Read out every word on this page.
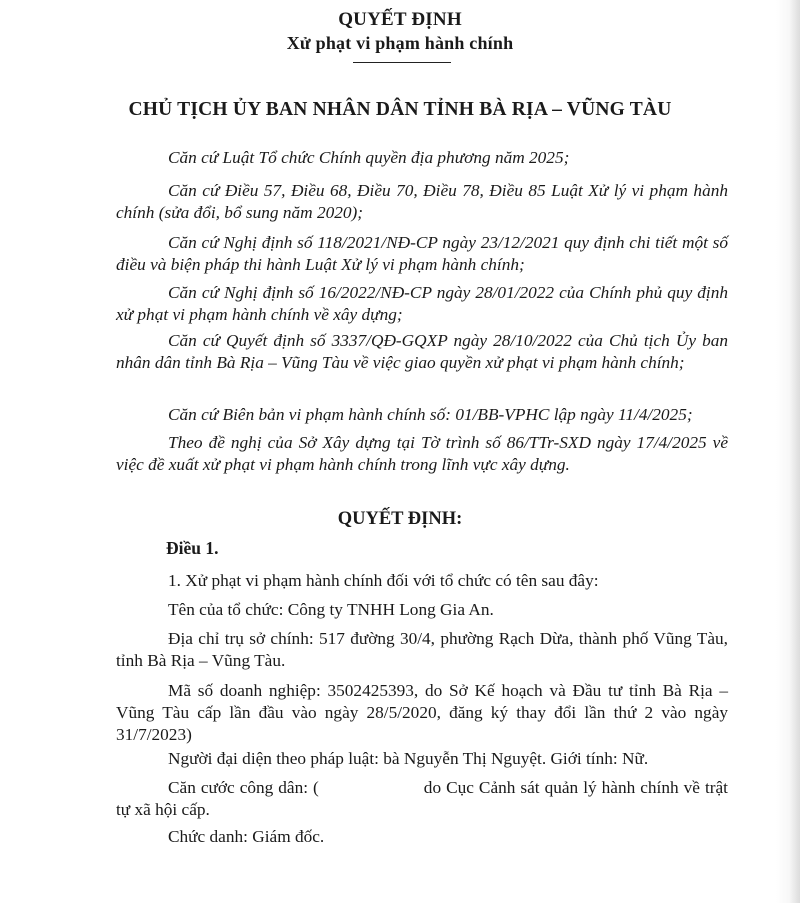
QUYẾT ĐỊNH
Xử phạt vi phạm hành chính
CHỦ TỊCH ỦY BAN NHÂN DÂN TỈNH BÀ RỊA – VŨNG TÀU
Căn cứ Luật Tổ chức Chính quyền địa phương năm 2025;
Căn cứ Điều 57, Điều 68, Điều 70, Điều 78, Điều 85 Luật Xử lý vi phạm hành chính (sửa đổi, bổ sung năm 2020);
Căn cứ Nghị định số 118/2021/NĐ-CP ngày 23/12/2021 quy định chi tiết một số điều và biện pháp thi hành Luật Xử lý vi phạm hành chính;
Căn cứ Nghị định số 16/2022/NĐ-CP ngày 28/01/2022 của Chính phủ quy định xử phạt vi phạm hành chính về xây dựng;
Căn cứ Quyết định số 3337/QĐ-GQXP ngày 28/10/2022 của Chủ tịch Ủy ban nhân dân tỉnh Bà Rịa – Vũng Tàu về việc giao quyền xử phạt vi phạm hành chính;
Căn cứ Biên bản vi phạm hành chính số: 01/BB-VPHC lập ngày 11/4/2025;
Theo đề nghị của Sở Xây dựng tại Tờ trình số 86/TTr-SXD ngày 17/4/2025 về việc đề xuất xử phạt vi phạm hành chính trong lĩnh vực xây dựng.
QUYẾT ĐỊNH:
Điều 1.
1. Xử phạt vi phạm hành chính đối với tổ chức có tên sau đây:
Tên của tổ chức: Công ty TNHH Long Gia An.
Địa chỉ trụ sở chính: 517 đường 30/4, phường Rạch Dừa, thành phố Vũng Tàu, tỉnh Bà Rịa – Vũng Tàu.
Mã số doanh nghiệp: 3502425393, do Sở Kế hoạch và Đầu tư tỉnh Bà Rịa – Vũng Tàu cấp lần đầu vào ngày 28/5/2020, đăng ký thay đổi lần thứ 2 vào ngày 31/7/2023)
Người đại diện theo pháp luật: bà Nguyễn Thị Nguyệt. Giới tính: Nữ.
Căn cước công dân: (	do Cục Cảnh sát quản lý hành chính về trật tự xã hội cấp.
Chức danh: Giám đốc.
